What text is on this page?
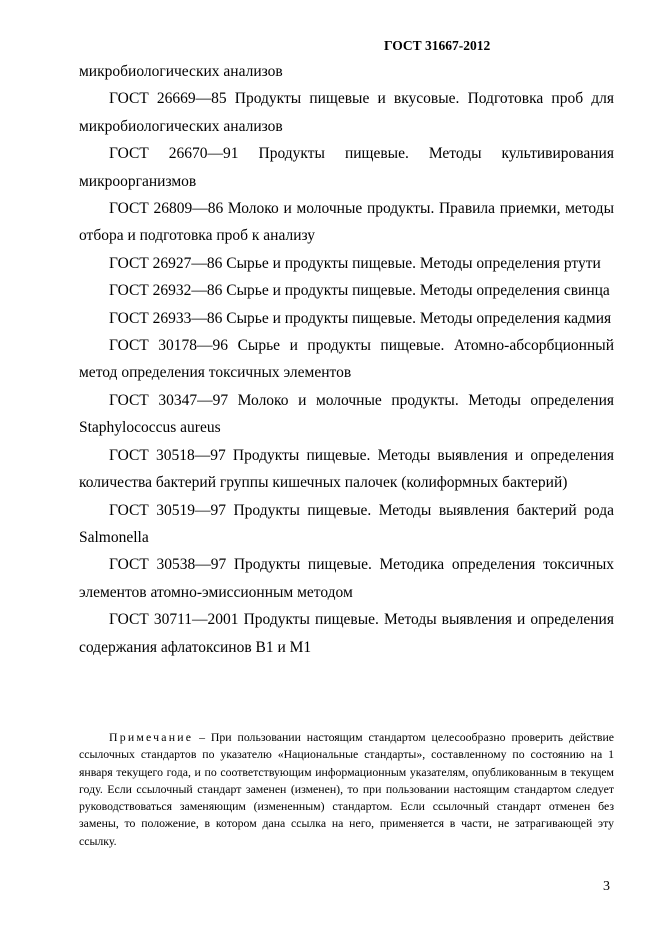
ГОСТ 31667-2012

микробиологических анализов

ГОСТ 26669—85 Продукты пищевые и вкусовые. Подготовка проб для микробиологических анализов

ГОСТ 26670—91 Продукты пищевые. Методы культивирования микроорганизмов

ГОСТ 26809—86 Молоко и молочные продукты. Правила приемки, методы отбора и подготовка проб к анализу

ГОСТ 26927—86 Сырье и продукты пищевые. Методы определения ртути

ГОСТ 26932—86 Сырье и продукты пищевые. Методы определения свинца

ГОСТ 26933—86 Сырье и продукты пищевые. Методы определения кадмия

ГОСТ 30178—96 Сырье и продукты пищевые. Атомно-абсорбционный метод определения токсичных элементов

ГОСТ 30347—97 Молоко и молочные продукты. Методы определения Staphylococcus aureus

ГОСТ 30518—97 Продукты пищевые. Методы выявления и определения количества бактерий группы кишечных палочек (колиформных бактерий)

ГОСТ 30519—97 Продукты пищевые. Методы выявления бактерий рода Salmonella

ГОСТ 30538—97 Продукты пищевые. Методика определения токсичных элементов атомно-эмиссионным методом

ГОСТ 30711—2001 Продукты пищевые. Методы выявления и определения содержания афлатоксинов В1 и М1

Примечание – При пользовании настоящим стандартом целесообразно проверить действие ссылочных стандартов по указателю «Национальные стандарты», составленному по состоянию на 1 января текущего года, и по соответствующим информационным указателям, опубликованным в текущем году. Если ссылочный стандарт заменен (изменен), то при пользовании настоящим стандартом следует руководствоваться заменяющим (измененным) стандартом. Если ссылочный стандарт отменен без замены, то положение, в котором дана ссылка на него, применяется в части, не затрагивающей эту ссылку.

3
